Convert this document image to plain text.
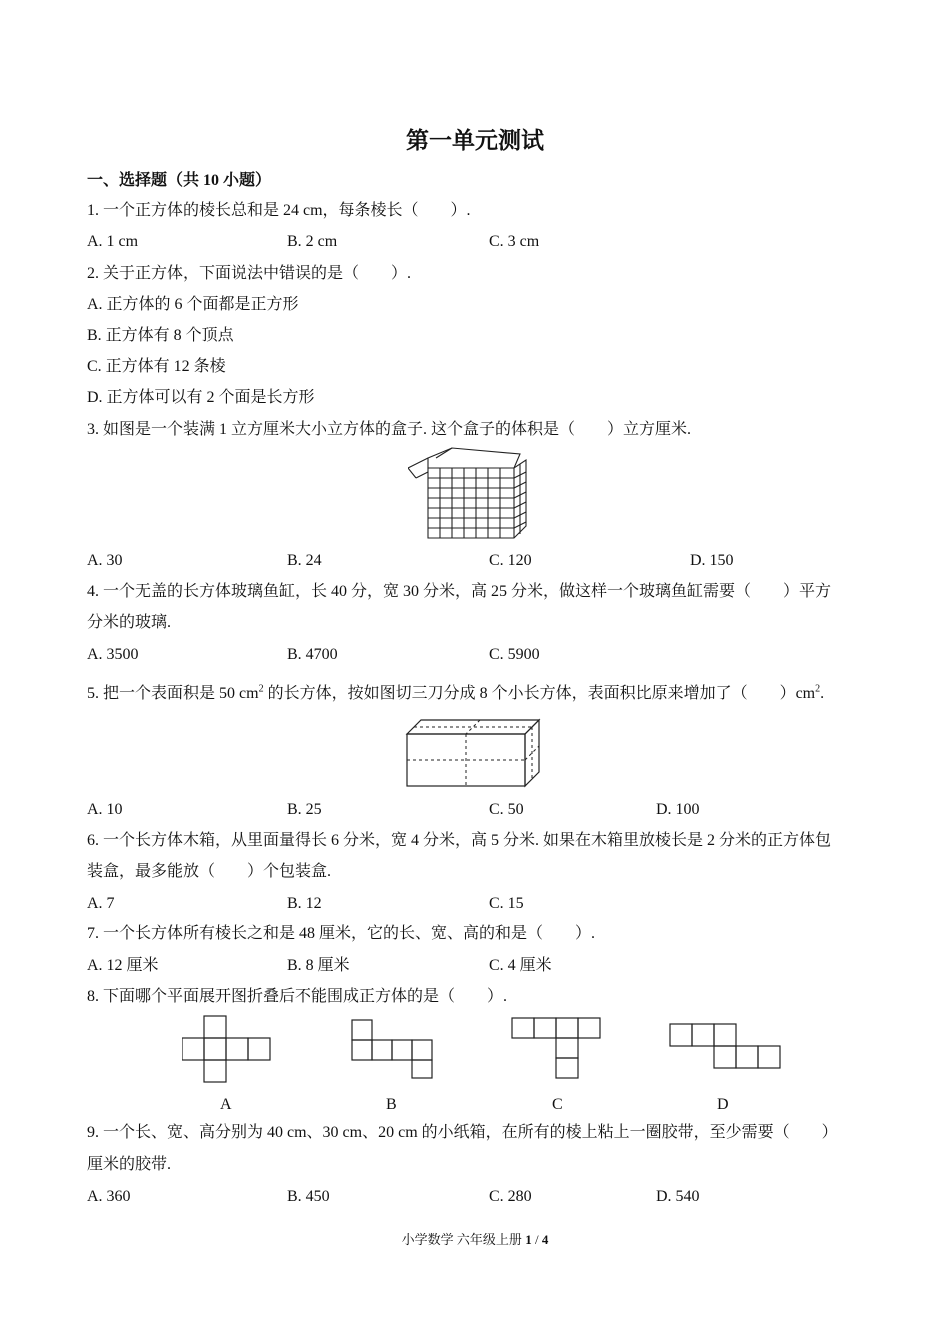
第一单元测试
一、选择题（共 10 小题）
1. 一个正方体的棱长总和是 24 cm，每条棱长（　　）.
A. 1 cm	B. 2 cm	C. 3 cm
2. 关于正方体，下面说法中错误的是（　　）.
A. 正方体的 6 个面都是正方形
B. 正方体有 8 个顶点
C. 正方体有 12 条棱
D. 正方体可以有 2 个面是长方形
3. 如图是一个装满 1 立方厘米大小立方体的盒子. 这个盒子的体积是（　　）立方厘米.
A. 30	B. 24	C. 120	D. 150
4. 一个无盖的长方体玻璃鱼缸，长 40 分，宽 30 分米，高 25 分米，做这样一个玻璃鱼缸需要（　　）平方
分米的玻璃.
A. 3500	B. 4700	C. 5900
5. 把一个表面积是 50 $cm^2$ 的长方体，按如图切三刀分成 8 个小长方体，表面积比原来增加了（　　）$cm^2$.
A. 10	B. 25	C. 50	D. 100
6. 一个长方体木箱，从里面量得长 6 分米，宽 4 分米，高 5 分米. 如果在木箱里放棱长是 2 分米的正方体包
装盒，最多能放（　　）个包装盒.
A. 7	B. 12	C. 15
7. 一个长方体所有棱长之和是 48 厘米，它的长、宽、高的和是（　　）.
A. 12 厘米	B. 8 厘米	C. 4 厘米
8. 下面哪个平面展开图折叠后不能围成正方体的是（　　）.
A	B	C	D
9. 一个长、宽、高分别为 40 cm、30 cm、20 cm 的小纸箱，在所有的棱上粘上一圈胶带，至少需要（　　）
厘米的胶带.
A. 360	B. 450	C. 280	D. 540
小学数学 六年级上册 1 / 4
